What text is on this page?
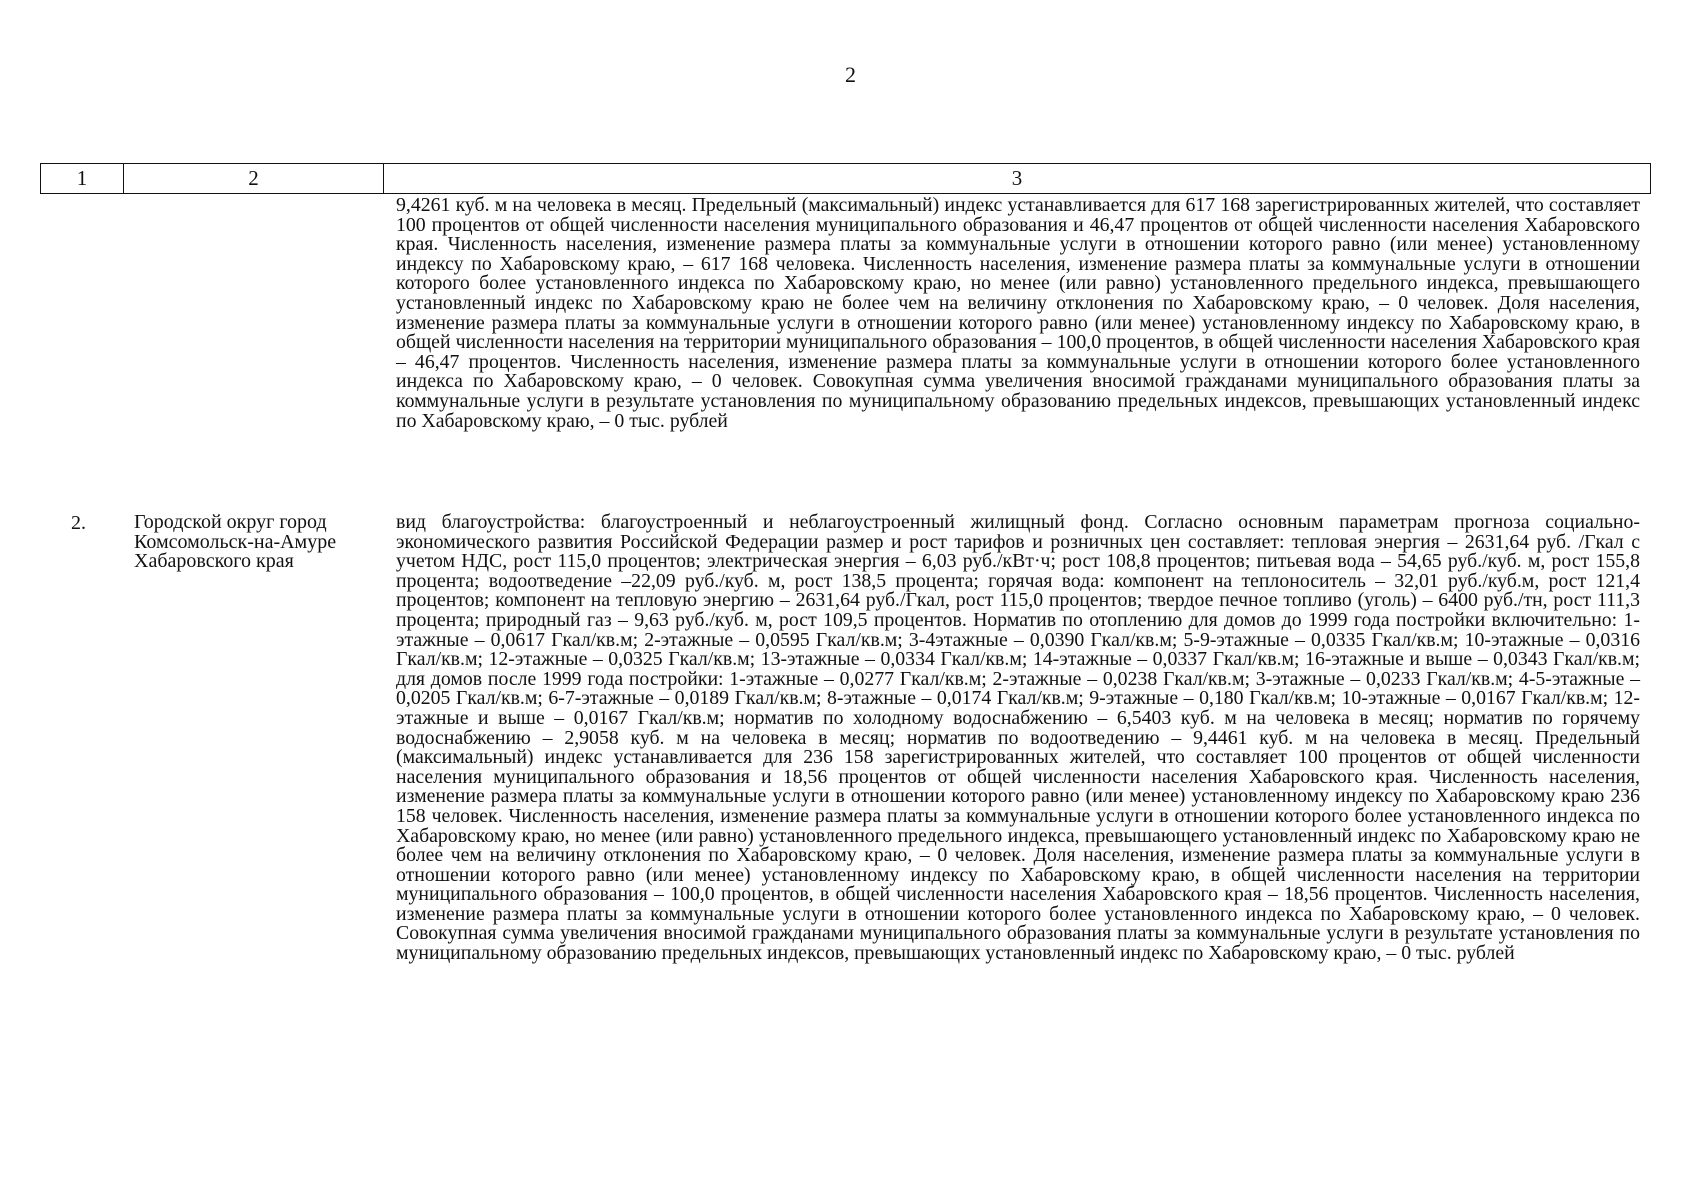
2
1	2	3
9,4261 куб. м на человека в месяц. Предельный (максимальный) индекс устанавливается для 617 168 зарегистрированных жителей, что составляет 100 процентов от общей численности населения муниципального образования и 46,47 процентов от общей численности населения Хабаровского края. Численность населения, изменение размера платы за коммунальные услуги в отношении которого равно (или менее) установленному индексу по Хабаровскому краю, – 617 168 человека. Численность населения, изменение размера платы за коммунальные услуги в отношении которого более установленного индекса по Хабаровскому краю, но менее (или равно) установленного предельного индекса, превышающего установленный индекс по Хабаровскому краю не более чем на величину отклонения по Хабаровскому краю, – 0 человек. Доля населения, изменение размера платы за коммунальные услуги в отношении которого равно (или менее) установленному индексу по Хабаровскому краю, в общей численности населения на территории муниципального образования – 100,0 процентов, в общей численности населения Хабаровского края – 46,47 процентов. Численность населения, изменение размера платы за коммунальные услуги в отношении которого более установленного индекса по Хабаровскому краю, – 0 человек. Совокупная сумма увеличения вносимой гражданами муниципального образования платы за коммунальные услуги в результате установления по муниципальному образованию предельных индексов, превышающих установленный индекс по Хабаровскому краю, – 0 тыс. рублей
2. Городской округ город Комсомольск-на-Амуре Хабаровского края
вид благоустройства: благоустроенный и неблагоустроенный жилищный фонд. Согласно основным параметрам прогноза социально-экономического развития Российской Федерации размер и рост тарифов и розничных цен составляет: тепловая энергия – 2631,64 руб. /Гкал с учетом НДС, рост 115,0 процентов; электрическая энергия – 6,03 руб./кВт·ч; рост 108,8 процентов; питьевая вода – 54,65 руб./куб. м, рост 155,8 процента; водоотведение –22,09 руб./куб. м, рост 138,5 процента; горячая вода: компонент на теплоноситель – 32,01 руб./куб.м, рост 121,4 процентов; компонент на тепловую энергию – 2631,64 руб./Гкал, рост 115,0 процентов; твердое печное топливо (уголь) – 6400 руб./тн, рост 111,3 процента; природный газ – 9,63 руб./куб. м, рост 109,5 процентов. Норматив по отоплению для домов до 1999 года постройки включительно: 1-этажные – 0,0617 Гкал/кв.м; 2-этажные – 0,0595 Гкал/кв.м; 3-4этажные – 0,0390 Гкал/кв.м; 5-9-этажные – 0,0335 Гкал/кв.м; 10-этажные – 0,0316 Гкал/кв.м; 12-этажные – 0,0325 Гкал/кв.м; 13-этажные – 0,0334 Гкал/кв.м; 14-этажные – 0,0337 Гкал/кв.м; 16-этажные и выше – 0,0343 Гкал/кв.м; для домов после 1999 года постройки: 1-этажные – 0,0277 Гкал/кв.м; 2-этажные – 0,0238 Гкал/кв.м; 3-этажные – 0,0233 Гкал/кв.м; 4-5-этажные – 0,0205 Гкал/кв.м; 6-7-этажные – 0,0189 Гкал/кв.м; 8-этажные – 0,0174 Гкал/кв.м; 9-этажные – 0,180 Гкал/кв.м; 10-этажные – 0,0167 Гкал/кв.м; 12-этажные и выше – 0,0167 Гкал/кв.м; норматив по холодному водоснабжению – 6,5403 куб. м на человека в месяц; норматив по горячему водоснабжению – 2,9058 куб. м на человека в месяц; норматив по водоотведению – 9,4461 куб. м на человека в месяц. Предельный (максимальный) индекс устанавливается для 236 158 зарегистрированных жителей, что составляет 100 процентов от общей численности населения муниципального образования и 18,56 процентов от общей численности населения Хабаровского края. Численность населения, изменение размера платы за коммунальные услуги в отношении которого равно (или менее) установленному индексу по Хабаровскому краю 236 158 человек. Численность населения, изменение размера платы за коммунальные услуги в отношении которого более установленного индекса по Хабаровскому краю, но менее (или равно) установленного предельного индекса, превышающего установленный индекс по Хабаровскому краю не более чем на величину отклонения по Хабаровскому краю, – 0 человек. Доля населения, изменение размера платы за коммунальные услуги в отношении которого равно (или менее) установленному индексу по Хабаровскому краю, в общей численности населения на территории муниципального образования – 100,0 процентов, в общей численности населения Хабаровского края – 18,56 процентов. Численность населения, изменение размера платы за коммунальные услуги в отношении которого более установленного индекса по Хабаровскому краю, – 0 человек. Совокупная сумма увеличения вносимой гражданами муниципального образования платы за коммунальные услуги в результате установления по муниципальному образованию предельных индексов, превышающих установленный индекс по Хабаровскому краю, – 0 тыс. рублей
